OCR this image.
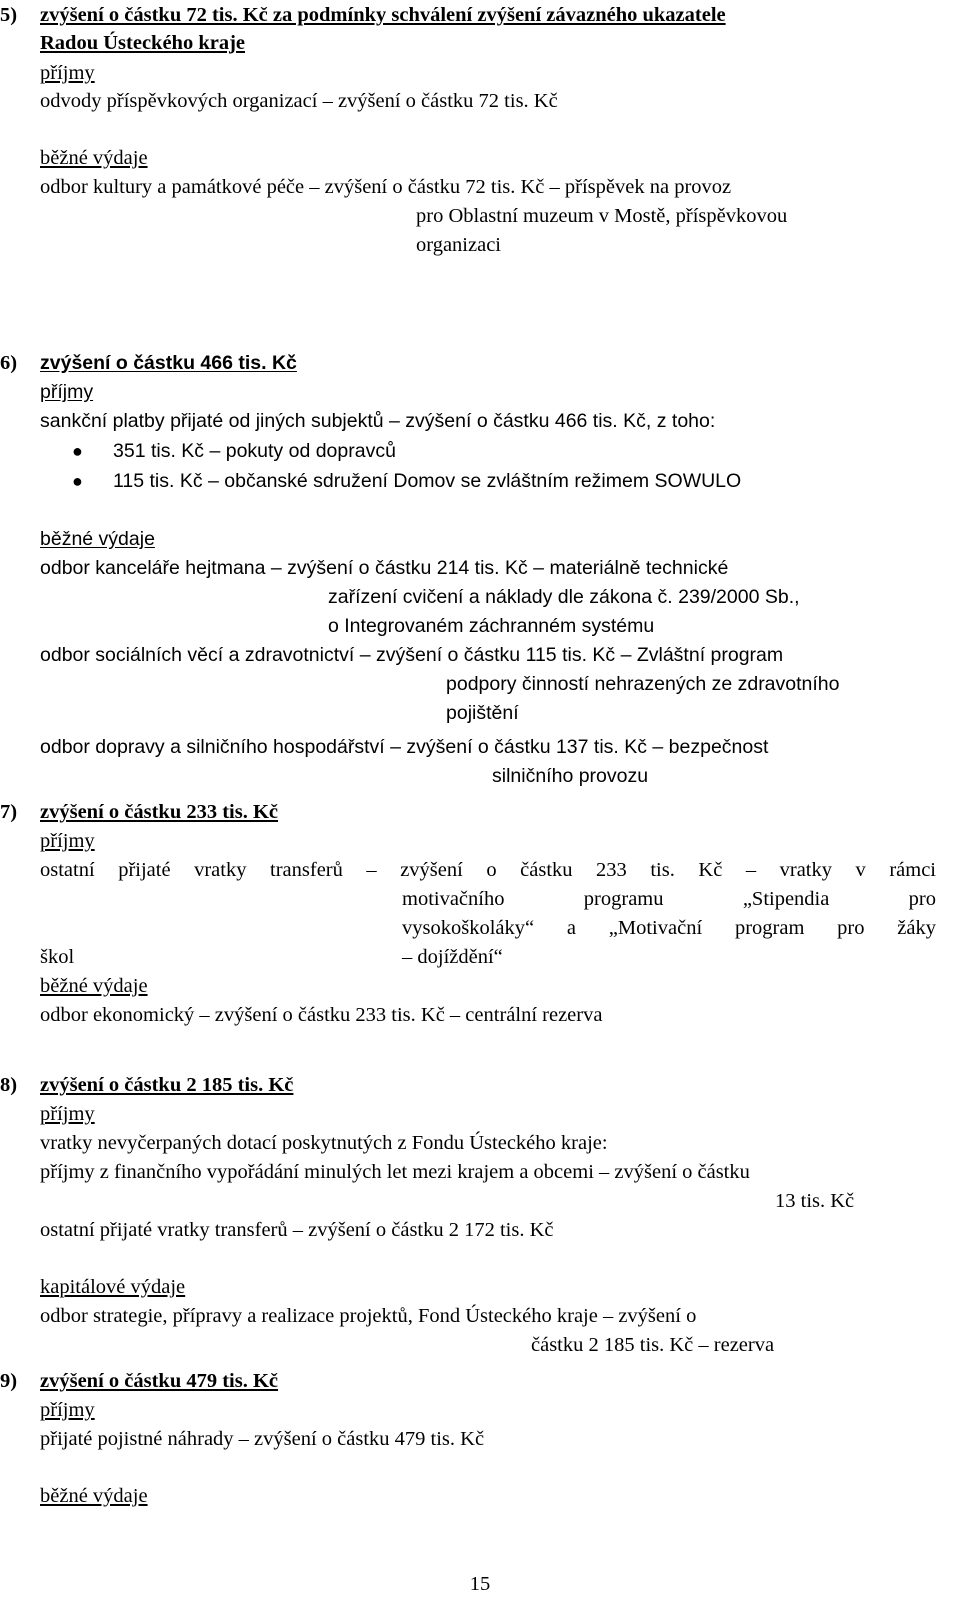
5) zvýšení o částku 72 tis. Kč za podmínky schválení zvýšení závazného ukazatele
Radou Ústeckého kraje
příjmy
odvody příspěvkových organizací – zvýšení o částku 72 tis. Kč
běžné výdaje
odbor kultury a památkové péče – zvýšení o částku 72 tis. Kč – příspěvek na provoz
pro Oblastní muzeum v Mostě, příspěvkovou
organizaci
6) zvýšení o částku 466 tis. Kč
příjmy
sankční platby přijaté od jiných subjektů – zvýšení o částku 466 tis. Kč, z toho:
● 351 tis. Kč – pokuty od dopravců
● 115 tis. Kč – občanské sdružení Domov se zvláštním režimem SOWULO
běžné výdaje
odbor kanceláře hejtmana – zvýšení o částku 214 tis. Kč – materiálně technické
zařízení cvičení a náklady dle zákona č. 239/2000 Sb.,
o Integrovaném záchranném systému
odbor sociálních věcí a zdravotnictví – zvýšení o částku 115 tis. Kč – Zvláštní program
podpory činností nehrazených ze zdravotního
pojištění
odbor dopravy a silničního hospodářství – zvýšení o částku 137 tis. Kč – bezpečnost
silničního provozu
7) zvýšení o částku 233 tis. Kč
příjmy
ostatní přijaté vratky transferů – zvýšení o částku 233 tis. Kč – vratky v rámci
motivačního programu „Stipendia pro
vysokoškoláky“ a „Motivační program pro žáky
škol	– dojíždění“
běžné výdaje
odbor ekonomický – zvýšení o částku 233 tis. Kč – centrální rezerva
8) zvýšení o částku 2 185 tis. Kč
příjmy
vratky nevyčerpaných dotací poskytnutých z Fondu Ústeckého kraje:
příjmy z finančního vypořádání minulých let mezi krajem a obcemi – zvýšení o částku
13 tis. Kč
ostatní přijaté vratky transferů – zvýšení o částku 2 172 tis. Kč
kapitálové výdaje
odbor strategie, přípravy a realizace projektů, Fond Ústeckého kraje – zvýšení o
částku 2 185 tis. Kč – rezerva
9) zvýšení o částku 479 tis. Kč
příjmy
přijaté pojistné náhrady – zvýšení o částku 479 tis. Kč
běžné výdaje
15
